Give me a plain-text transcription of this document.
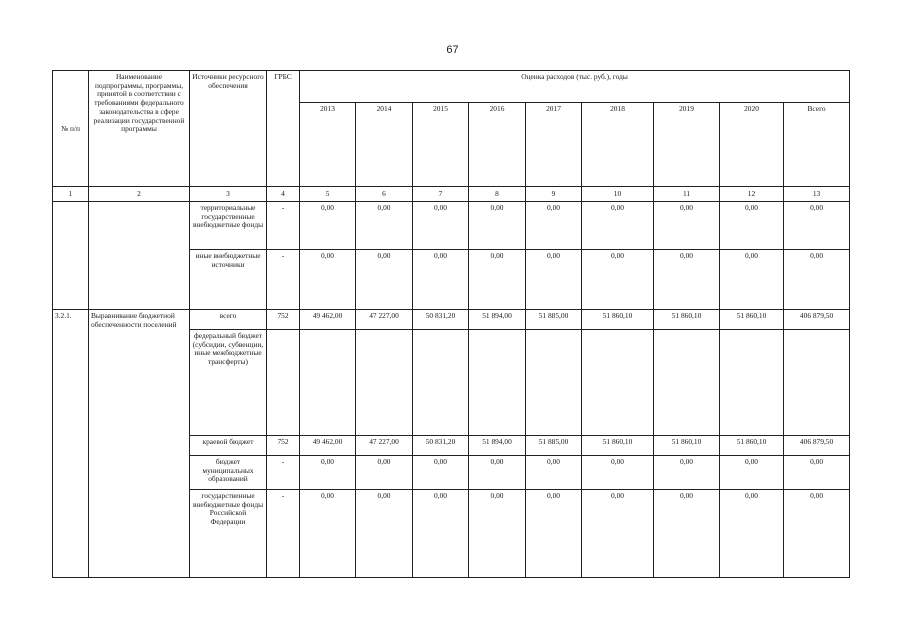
67
№ п/п	Наименование подпрограммы, программы, принятой в соответствии с требованиями федерального законодательства в сфере реализации государственной программы	Источники ресурсного обеспечения	ГРБС	Оценка расходов (тыс. руб.), годы								
				2013	2014	2015	2016	2017	2018	2019	2020	Всего
1	2	3	4	5	6	7	8	9	10	11	12	13
		территориальные государственные внебюджетные фонды	-	0,00	0,00	0,00	0,00	0,00	0,00	0,00	0,00	0,00
		иные внебюджетные источники	-	0,00	0,00	0,00	0,00	0,00	0,00	0,00	0,00	0,00
3.2.1.	Выравнивание бюджетной обеспеченности поселений	всего	752	49 462,00	47 227,00	50 831,20	51 894,00	51 885,00	51 860,10	51 860,10	51 860,10	406 879,50
		федеральный бюджет (субсидии, субвенции, иные межбюджетные трансферты)										
		краевой бюджет	752	49 462,00	47 227,00	50 831,20	51 894,00	51 885,00	51 860,10	51 860,10	51 860,10	406 879,50
		бюджет муниципальных образований	-	0,00	0,00	0,00	0,00	0,00	0,00	0,00	0,00	0,00
		государственные внебюджетные фонды Российской Федерации	-	0,00	0,00	0,00	0,00	0,00	0,00	0,00	0,00	0,00
